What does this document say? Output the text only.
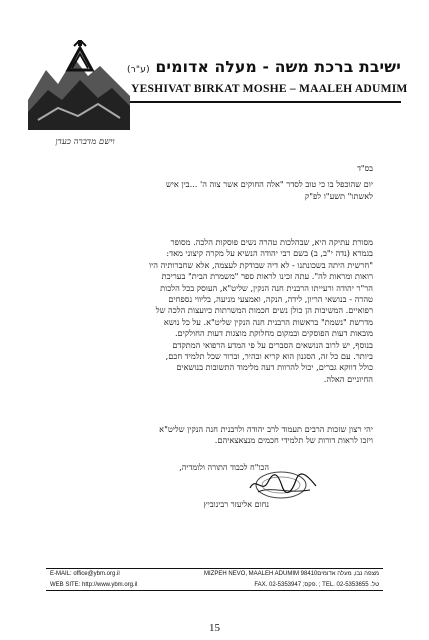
וישם מדברה כעדן
ישיבת ברכת משה - מעלה אדומים (ע"ר)
YESHIVAT BIRKAT MOSHE – MAALEH ADUMIM
בס"ד
יום שהוכפל בו כי טוב לסדר "אלה החוקים אשר צוה ה' ...בין איש
לאשתו" תשע"ו לפ"ק
מסורת עתיקה היא, שבהלכות טהרה נשים פוסקות הלכה. מסופר
בגמרא (נדה י"ב, ב) בשם רבי יהודה הנשיא על מקרה קיצוני מאד:
"חרשית היתה בשכונתנו - לא דיה שבודקת לעצמה, אלא שחברותיה היו
רואות ומראות לה". עתה זכינו לראות ספר "משמרת הבית" בעריכת
הר"ר יהודה ורעייתו הרבנית חנה הנקין, שליט"א, העוסק בכל הלכות
טהרה - בנושאי הריון, לידה, הנקה, ואמצעי מניעה, בליווי נספחים
רפואיים. המשיבות הן כולן נשים חכמות המשרתות כיועצות הלכה של
מדרשת "נשמת" בראשות הרבנית חנה הנקין שליט"א. על כל נושא
מובאות דעות הפוסקים ובמקום מחלוקת מוצגות דעות החולקים.
בנוסף, יש לרוב הנושאים הסברים על פי המדע הרפואי המתקדם
ביותר. עם כל זה, הסגנון הוא קריא ובהיר, וברור שכל תלמיד חכם,
כולל דווקא גברים, יכול להרוות דעה מלימוד התשובות בנושאים
החיוניים האלה.
יהי רצון שזכות הרבים תעמוד לרב יהודה ולרבנית חנה הנקין שליט"א
ויזכו לראות דורות של תלמידי חכמים מנצאצאיהם.
הכו"ח לכבוד התורה ולומדיה,
נחום אליעזר רבינוביץ
E-MAIL: office@ybm.org.il	MIZPEH NEVO, MAALEH ADUMIM 98410 מצפה נבו, מעלה אדומים
WEB SITE: http://www.ybm.org.il	FAX. 02-5353947 ;פקס. ; TEL. 02-5353655 .טל
15
